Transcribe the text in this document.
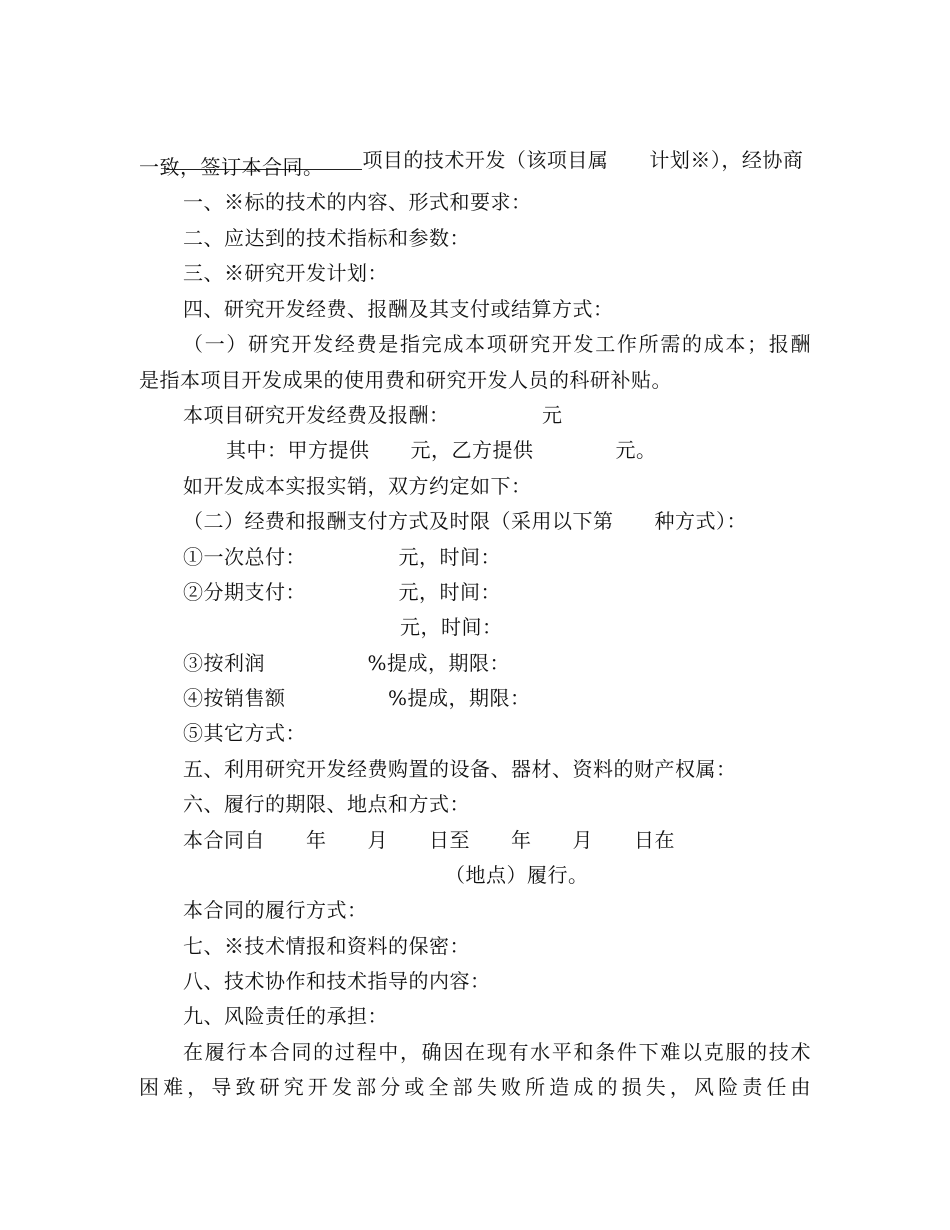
项目的技术开发（该项目属　　计划※），经协商

一致，签订本合同。
一、※标的技术的内容、形式和要求：
二、应达到的技术指标和参数：
三、※研究开发计划：
四、研究开发经费、报酬及其支付或结算方式：
（一）研究开发经费是指完成本项研究开发工作所需的成本；报酬
是指本项目开发成果的使用费和研究开发人员的科研补贴。
本项目研究开发经费及报酬：　　　　　元
其中：甲方提供　　元，乙方提供　　　　元。
如开发成本实报实销，双方约定如下：
（二）经费和报酬支付方式及时限（采用以下第　　种方式）：
①一次总付：　　　　　元，时间：
②分期支付：　　　　　元，时间：
元，时间：
③按利润　　　　　%提成，期限：
④按销售额　　　　　%提成，期限：
⑤其它方式：
五、利用研究开发经费购置的设备、器材、资料的财产权属：
六、履行的期限、地点和方式：
本合同自　　年　　月　　日至　　年　　月　　日在
（地点）履行。
本合同的履行方式：
七、※技术情报和资料的保密：
八、技术协作和技术指导的内容：
九、风险责任的承担：
在履行本合同的过程中，确因在现有水平和条件下难以克服的技术
困难，导致研究开发部分或全部失败所造成的损失，风险责任由
